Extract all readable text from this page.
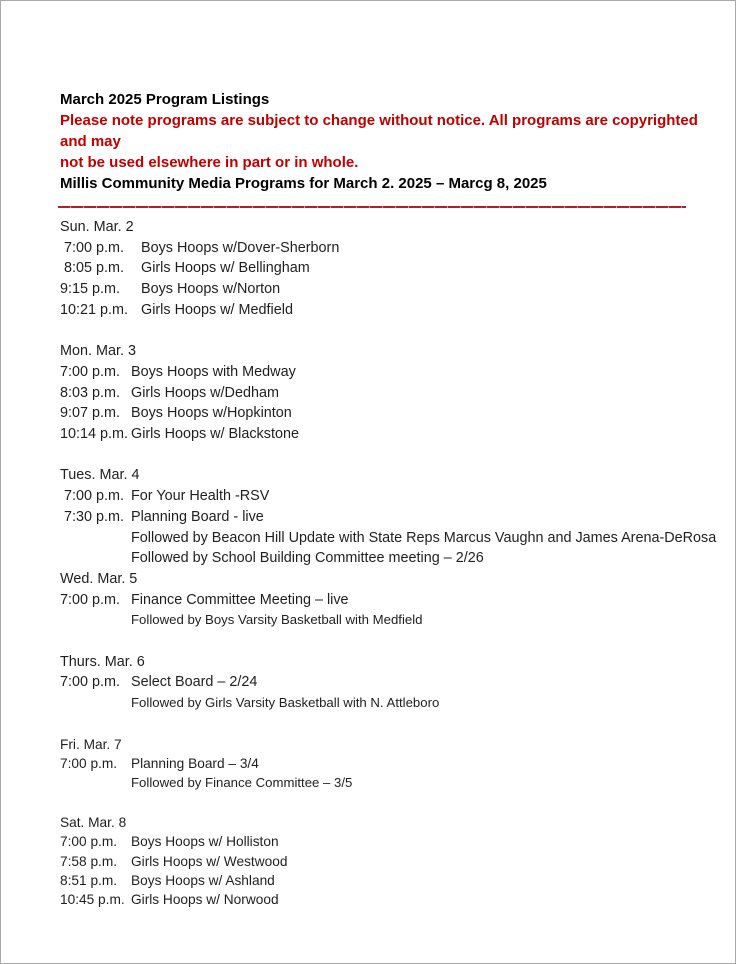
March 2025 Program Listings
Please note programs are subject to change without notice. All programs are copyrighted and may
not be used elsewhere in part or in whole.
Millis Community Media Programs for March 2. 2025 – Marcg 8, 2025
Sun. Mar. 2
7:00 p.m.	Boys Hoops w/Dover-Sherborn
8:05 p.m.	Girls Hoops w/ Bellingham
9:15 p.m.	Boys Hoops w/Norton
10:21 p.m. Girls Hoops w/ Medfield
Mon. Mar. 3
7:00 p.m. Boys Hoops with Medway
8:03 p.m. Girls Hoops w/Dedham
9:07 p.m. Boys Hoops w/Hopkinton
10:14 p.m. Girls Hoops w/ Blackstone
Tues. Mar. 4
7:00 p.m. For Your Health -RSV
7:30 p.m. Planning Board - live
Followed by Beacon Hill Update with State Reps Marcus Vaughn and James Arena-DeRosa
Followed by School Building Committee meeting – 2/26
Wed. Mar. 5
7:00 p.m. Finance Committee Meeting – live
Followed by Boys Varsity Basketball with Medfield
Thurs. Mar. 6
7:00 p.m. Select Board – 2/24
Followed by Girls Varsity Basketball with N. Attleboro
Fri. Mar. 7
7:00 p.m.	Planning Board – 3/4
Followed by Finance Committee – 3/5
Sat. Mar. 8
7:00 p.m.	Boys Hoops w/ Holliston
7:58 p.m.	Girls Hoops w/ Westwood
8:51 p.m.	Boys Hoops w/ Ashland
10:45 p.m. Girls Hoops w/ Norwood
